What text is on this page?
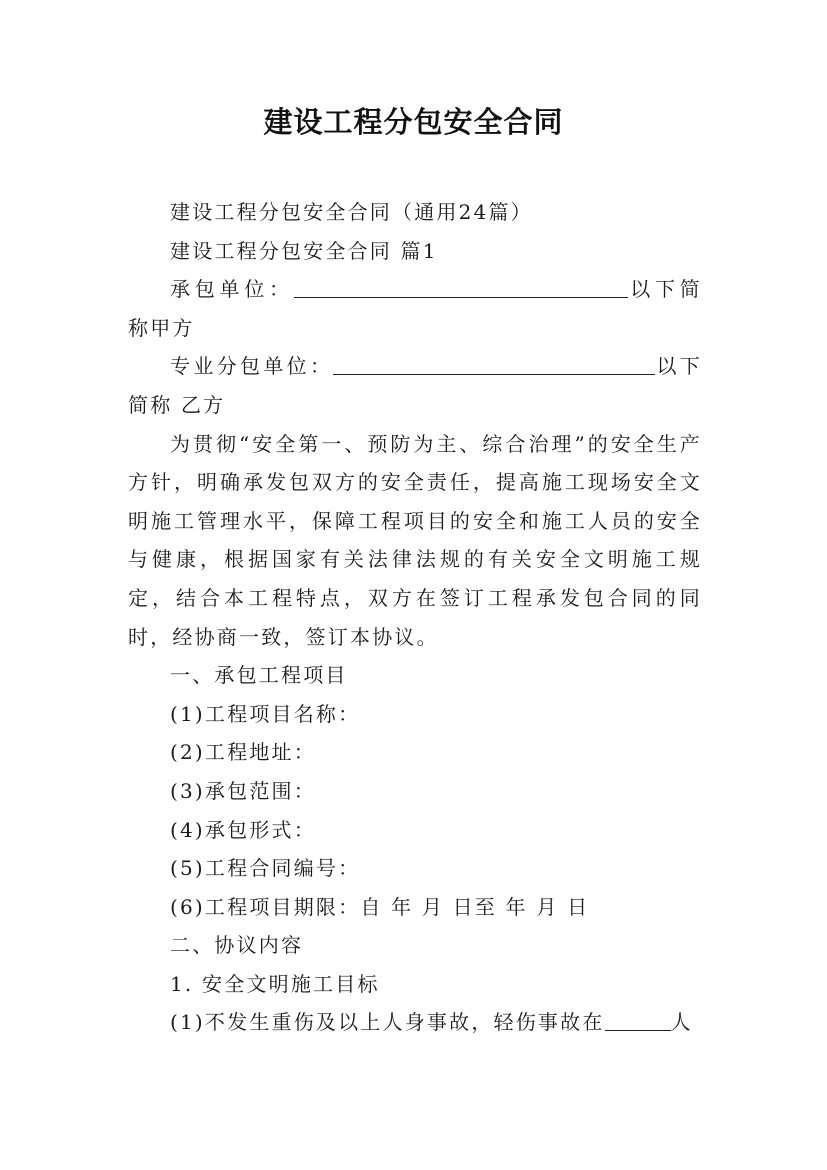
建设工程分包安全合同

建设工程分包安全合同（通用24篇）

建设工程分包安全合同 篇1

承包单位：	以下简称甲方

专业分包单位：	以下简称 乙方

为贯彻“安全第一、预防为主、综合治理”的安全生产方针，明确承发包双方的安全责任，提高施工现场安全文明施工管理水平，保障工程项目的安全和施工人员的安全与健康，根据国家有关法律法规的有关安全文明施工规定，结合本工程特点，双方在签订工程承发包合同的同时，经协商一致，签订本协议。

一、承包工程项目

(1)工程项目名称：

(2)工程地址：

(3)承包范围：

(4)承包形式：

(5)工程合同编号：

(6)工程项目期限：自 年 月 日至 年 月 日

二、协议内容

1. 安全文明施工目标

(1)不发生重伤及以上人身事故，轻伤事故在	人
